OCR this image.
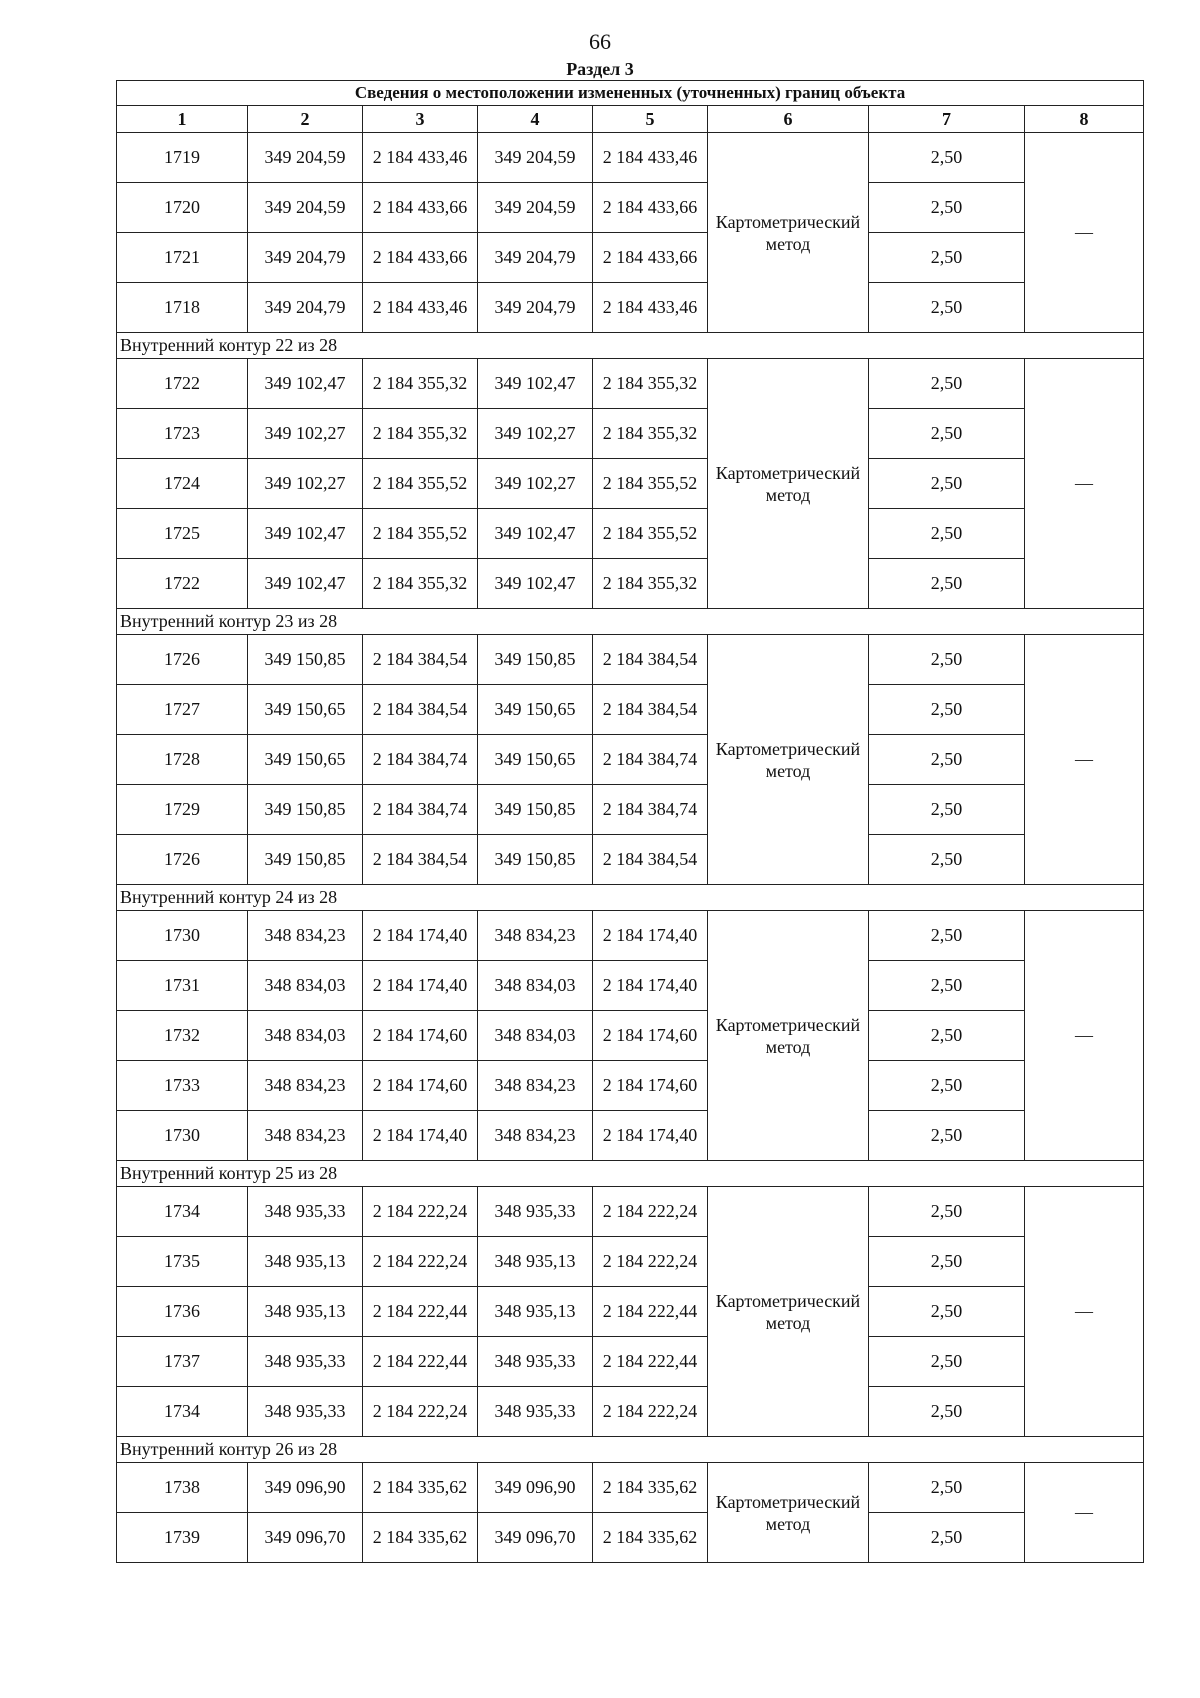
66
Раздел 3
Сведения о местоположении измененных (уточненных) границ объекта							
1	2	3	4	5	6	7	8
1719	349 204,59	2 184 433,46	349 204,59	2 184 433,46	Картометрический метод	2,50	—
1720	349 204,59	2 184 433,66	349 204,59	2 184 433,66		2,50	
1721	349 204,79	2 184 433,66	349 204,79	2 184 433,66		2,50	
1718	349 204,79	2 184 433,46	349 204,79	2 184 433,46		2,50	
Внутренний контур 22 из 28							
1722	349 102,47	2 184 355,32	349 102,47	2 184 355,32	Картометрический метод	2,50	—
1723	349 102,27	2 184 355,32	349 102,27	2 184 355,32		2,50	
1724	349 102,27	2 184 355,52	349 102,27	2 184 355,52		2,50	
1725	349 102,47	2 184 355,52	349 102,47	2 184 355,52		2,50	
1722	349 102,47	2 184 355,32	349 102,47	2 184 355,32		2,50	
Внутренний контур 23 из 28							
1726	349 150,85	2 184 384,54	349 150,85	2 184 384,54	Картометрический метод	2,50	—
1727	349 150,65	2 184 384,54	349 150,65	2 184 384,54		2,50	
1728	349 150,65	2 184 384,74	349 150,65	2 184 384,74		2,50	
1729	349 150,85	2 184 384,74	349 150,85	2 184 384,74		2,50	
1726	349 150,85	2 184 384,54	349 150,85	2 184 384,54		2,50	
Внутренний контур 24 из 28							
1730	348 834,23	2 184 174,40	348 834,23	2 184 174,40	Картометрический метод	2,50	—
1731	348 834,03	2 184 174,40	348 834,03	2 184 174,40		2,50	
1732	348 834,03	2 184 174,60	348 834,03	2 184 174,60		2,50	
1733	348 834,23	2 184 174,60	348 834,23	2 184 174,60		2,50	
1730	348 834,23	2 184 174,40	348 834,23	2 184 174,40		2,50	
Внутренний контур 25 из 28							
1734	348 935,33	2 184 222,24	348 935,33	2 184 222,24	Картометрический метод	2,50	—
1735	348 935,13	2 184 222,24	348 935,13	2 184 222,24		2,50	
1736	348 935,13	2 184 222,44	348 935,13	2 184 222,44		2,50	
1737	348 935,33	2 184 222,44	348 935,33	2 184 222,44		2,50	
1734	348 935,33	2 184 222,24	348 935,33	2 184 222,24		2,50	
Внутренний контур 26 из 28							
1738	349 096,90	2 184 335,62	349 096,90	2 184 335,62	Картометрический метод	2,50	—
1739	349 096,70	2 184 335,62	349 096,70	2 184 335,62		2,50	
